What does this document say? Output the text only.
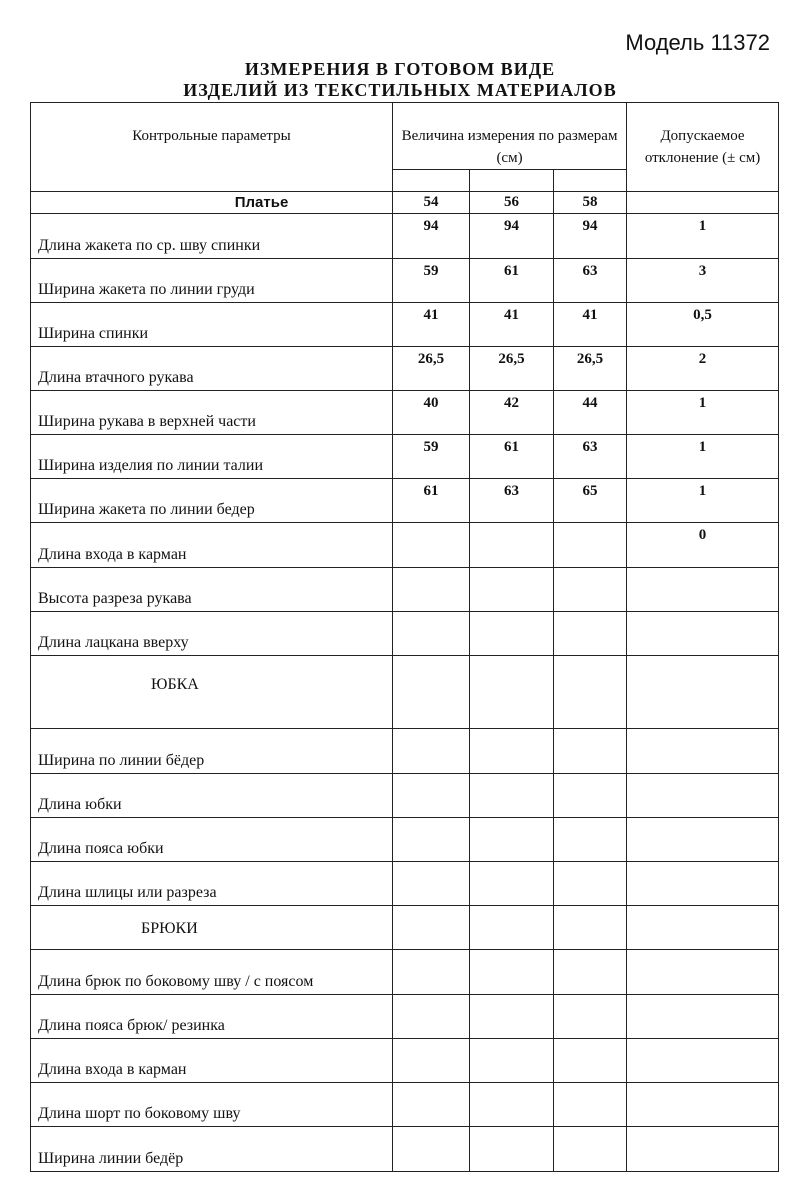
Модель 11372
ИЗМЕРЕНИЯ В ГОТОВОМ ВИДЕ
ИЗДЕЛИЙ ИЗ ТЕКСТИЛЬНЫХ МАТЕРИАЛОВ
Контрольные параметры	Величина измерения по размерам (см)			Допускаемое отклонение (± см)

Платье	54	56	58	
Длина жакета по ср. шву спинки	94	94	94	1
Ширина жакета по линии груди	59	61	63	3
Ширина спинки	41	41	41	0,5
Длина втачного рукава	26,5	26,5	26,5	2
Ширина рукава в верхней части	40	42	44	1
Ширина изделия по линии талии	59	61	63	1
Ширина жакета по линии бедер	61	63	65	1
Длина входа в карман				0
Высота разреза рукава				
Длина лацкана вверху				
ЮБКА				
Ширина по линии бёдер				
Длина юбки				
Длина пояса юбки				
Длина шлицы или разреза				
БРЮКИ				
Длина брюк по боковому шву / с поясом				
Длина пояса брюк/ резинка				
Длина входа в карман				
Длина шорт по боковому шву				
Ширина линии бедёр				
